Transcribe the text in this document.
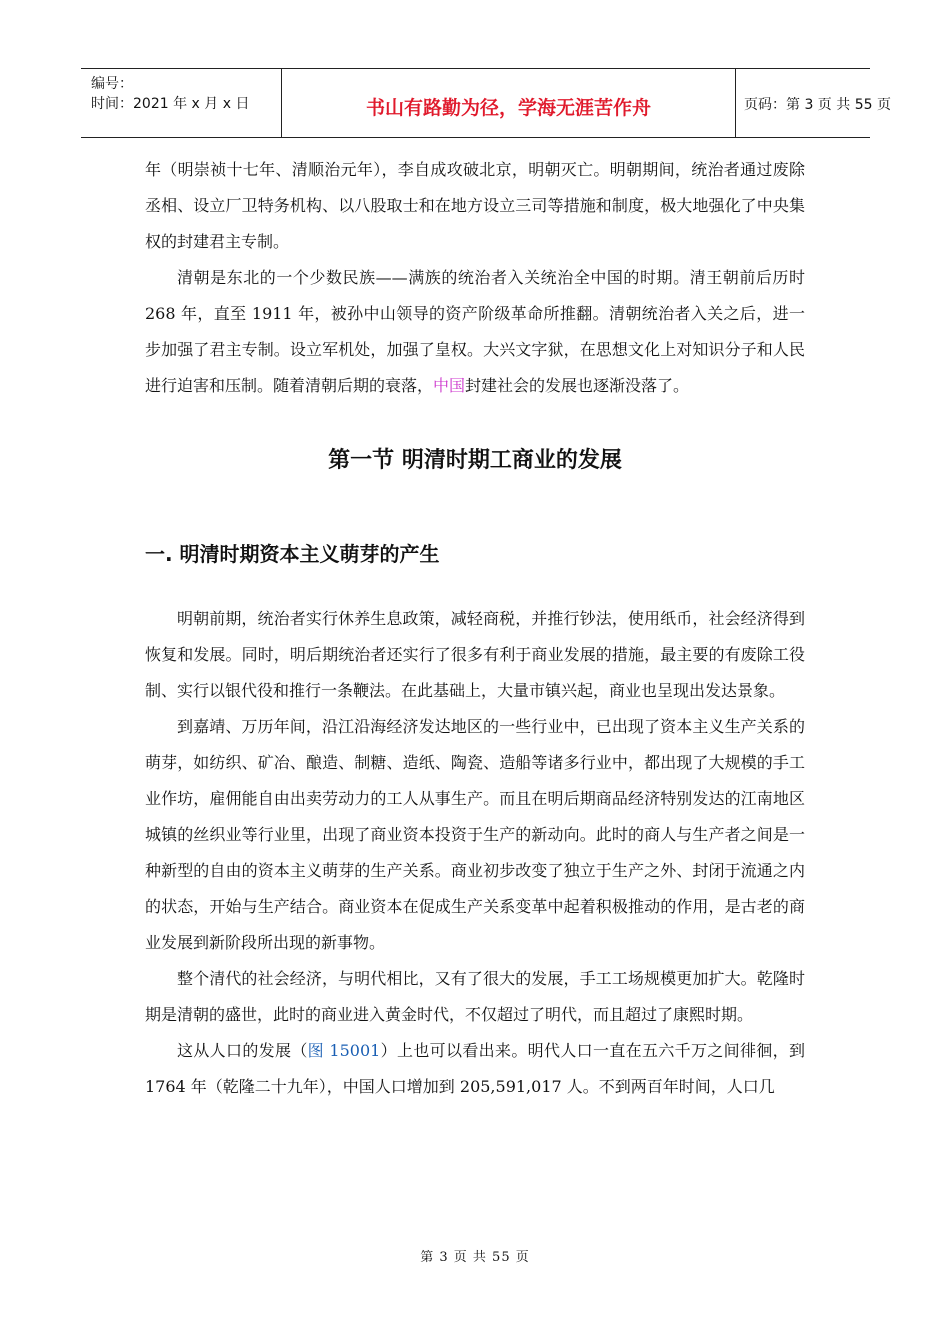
编号：
时间：2021 年 x 月 x 日	书山有路勤为径，学海无涯苦作舟	页码：第 3 页 共 55 页

年（明崇祯十七年、清顺治元年），李自成攻破北京，明朝灭亡。明朝期间，统治者通过废除丞相、设立厂卫特务机构、以八股取士和在地方设立三司等措施和制度，极大地强化了中央集权的封建君主专制。

清朝是东北的一个少数民族——满族的统治者入关统治全中国的时期。清王朝前后历时 268 年，直至 1911 年，被孙中山领导的资产阶级革命所推翻。清朝统治者入关之后，进一步加强了君主专制。设立军机处，加强了皇权。大兴文字狱，在思想文化上对知识分子和人民进行迫害和压制。随着清朝后期的衰落，中国封建社会的发展也逐渐没落了。

第一节 明清时期工商业的发展
一. 明清时期资本主义萌芽的产生

明朝前期，统治者实行休养生息政策，减轻商税，并推行钞法，使用纸币，社会经济得到恢复和发展。同时，明后期统治者还实行了很多有利于商业发展的措施，最主要的有废除工役制、实行以银代役和推行一条鞭法。在此基础上，大量市镇兴起，商业也呈现出发达景象。

到嘉靖、万历年间，沿江沿海经济发达地区的一些行业中，已出现了资本主义生产关系的萌芽，如纺织、矿冶、酿造、制糖、造纸、陶瓷、造船等诸多行业中，都出现了大规模的手工业作坊，雇佣能自由出卖劳动力的工人从事生产。而且在明后期商品经济特别发达的江南地区城镇的丝织业等行业里，出现了商业资本投资于生产的新动向。此时的商人与生产者之间是一种新型的自由的资本主义萌芽的生产关系。商业初步改变了独立于生产之外、封闭于流通之内的状态，开始与生产结合。商业资本在促成生产关系变革中起着积极推动的作用，是古老的商业发展到新阶段所出现的新事物。

整个清代的社会经济，与明代相比，又有了很大的发展，手工工场规模更加扩大。乾隆时期是清朝的盛世，此时的商业进入黄金时代，不仅超过了明代，而且超过了康熙时期。

这从人口的发展（图 15001）上也可以看出来。明代人口一直在五六千万之间徘徊，到 1764 年（乾隆二十九年），中国人口增加到 205,591,017 人。不到两百年时间，人口几

第 3 页 共 55 页
